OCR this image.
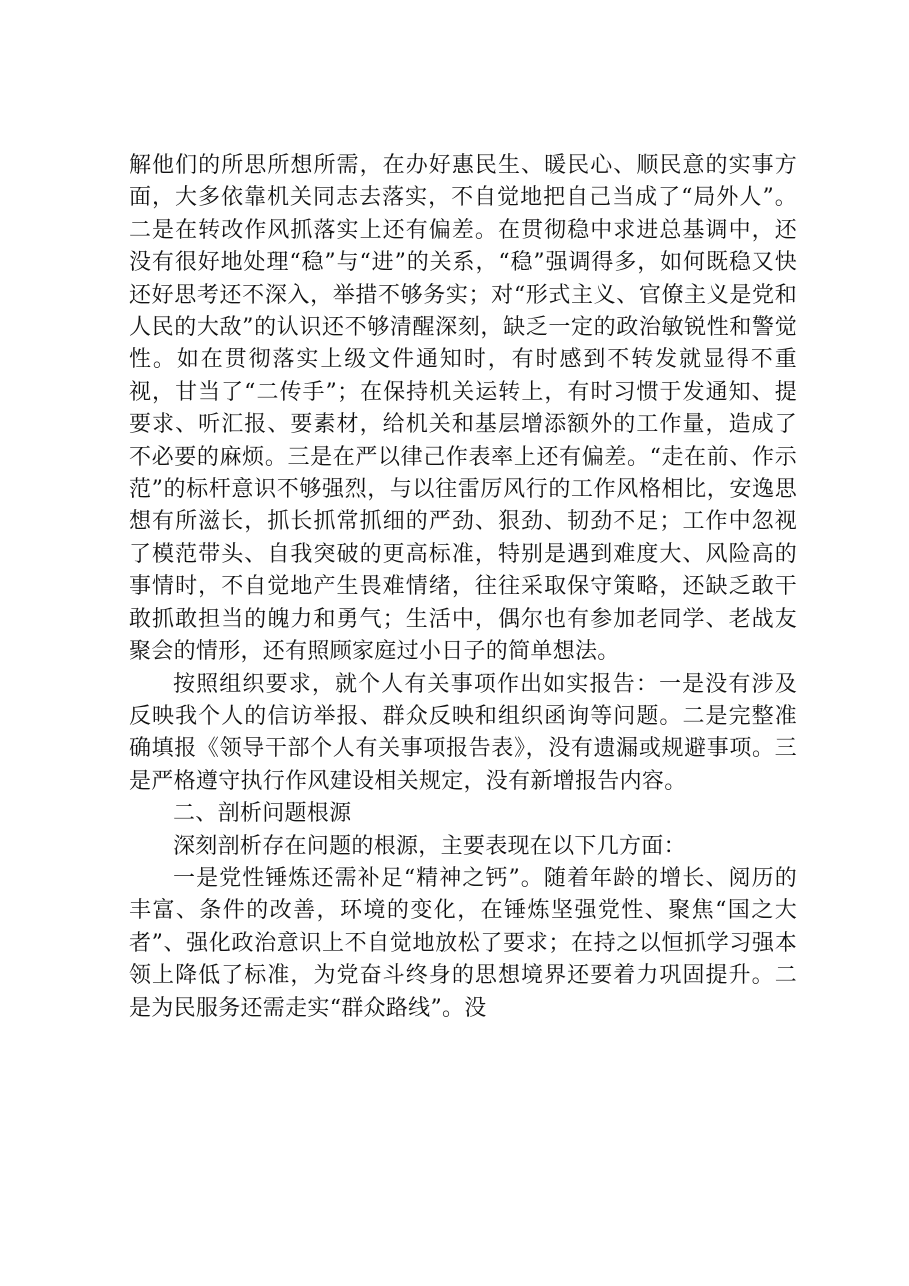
解他们的所思所想所需，在办好惠民生、暖民心、顺民意的实事方面，大多依靠机关同志去落实，不自觉地把自己当成了“局外人”。 二是在转改作风抓落实上还有偏差。在贯彻稳中求进总基调中，还没有很好地处理“稳”与“进”的关系，“稳”强调得多，如何既稳又快还好思考还不深入，举措不够务实；对“形式主义、官僚主义是党和人民的大敌”的认识还不够清醒深刻，缺乏一定的政治敏锐性和警觉性。如在贯彻落实上级文件通知时，有时感到不转发就显得不重视，甘当了“二传手”；在保持机关运转上，有时习惯于发通知、提要求、听汇报、要素材，给机关和基层增添额外的工作量，造成了不必要的麻烦。三是在严以律己作表率上还有偏差。“走在前、作示范”的标杆意识不够强烈，与以往雷厉风行的工作风格相比，安逸思想有所滋长，抓长抓常抓细的严劲、狠劲、韧劲不足；工作中忽视了模范带头、自我突破的更高标准，特别是遇到难度大、风险高的事情时，不自觉地产生畏难情绪，往往采取保守策略，还缺乏敢干敢抓敢担当的魄力和勇气；生活中，偶尔也有参加老同学、老战友聚会的情形，还有照顾家庭过小日子的简单想法。

按照组织要求，就个人有关事项作出如实报告：一是没有涉及反映我个人的信访举报、群众反映和组织函询等问题。二是完整准确填报《领导干部个人有关事项报告表》，没有遗漏或规避事项。三是严格遵守执行作风建设相关规定，没有新增报告内容。

二、剖析问题根源

深刻剖析存在问题的根源，主要表现在以下几方面：

一是党性锤炼还需补足“精神之钙”。随着年龄的增长、阅历的丰富、条件的改善，环境的变化，在锤炼坚强党性、聚焦“国之大者”、强化政治意识上不自觉地放松了要求；在持之以恒抓学习强本领上降低了标准，为党奋斗终身的思想境界还要着力巩固提升。二是为民服务还需走实“群众路线”。没
